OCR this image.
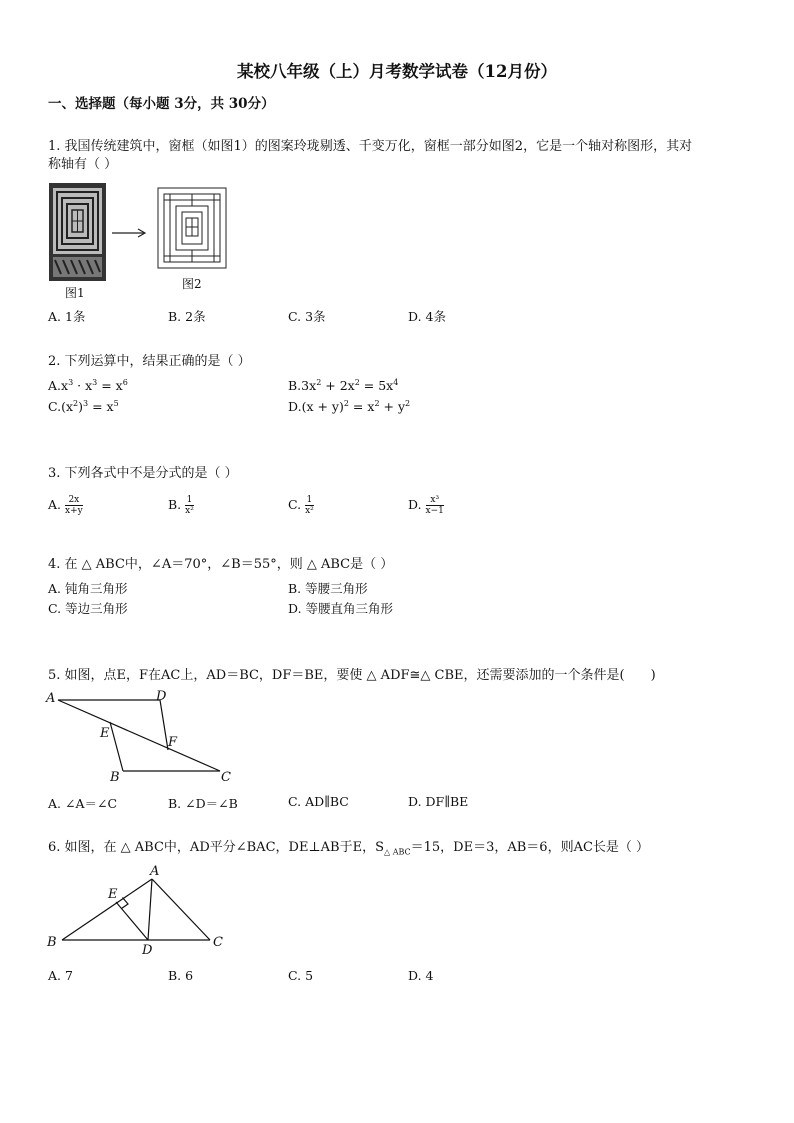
某校八年级（上）月考数学试卷（12月份）
一、选择题（每小题 3分，共 30分）
1. 我国传统建筑中，窗框（如图1）的图案玲珑剔透、千变万化，窗框一部分如图2，它是一个轴对称图形，其对
称轴有（ ）
图1
图2
A. 1条	B. 2条	C. 3条	D. 4条
2. 下列运算中，结果正确的是（ ）
$A.x^3 \cdot x^3 = x^6$	$B.3x^2 + 2x^2 = 5x^4$
$C.(x^2)^3 = x^5$	$D.(x + y)^2 = x^2 + y^2$
3. 下列各式中不是分式的是（ ）
A. $\frac{2x}{x+y}$	B. $\frac{1}{\text{x²}}$	C. $\frac{1}{\text{x²}}$	D. $\frac{\text{x³}}{x-1}$
4. 在 △ ABC中，∠A＝70°，∠B＝55°，则 △ ABC是（ ）
A. 钝角三角形	B. 等腰三角形
C. 等边三角形	D. 等腰直角三角形
5. 如图，点E，F在AC上，AD＝BC，DF＝BE，要使 △ ADF≅△ CBE，还需要添加的一个条件是(　　)
A	D
E
F
B	C
A. ∠A＝∠C	B. ∠D＝∠B	C. AD∥BC	D. DF∥BE
6. 如图，在 △ ABC中，AD平分∠BAC，DE⊥AB于E，$S_{\triangle ABC}=15$，DE＝3，AB＝6，则AC长是（ ）
A
E
B
D
C
A. 7	B. 6	C. 5	D. 4
